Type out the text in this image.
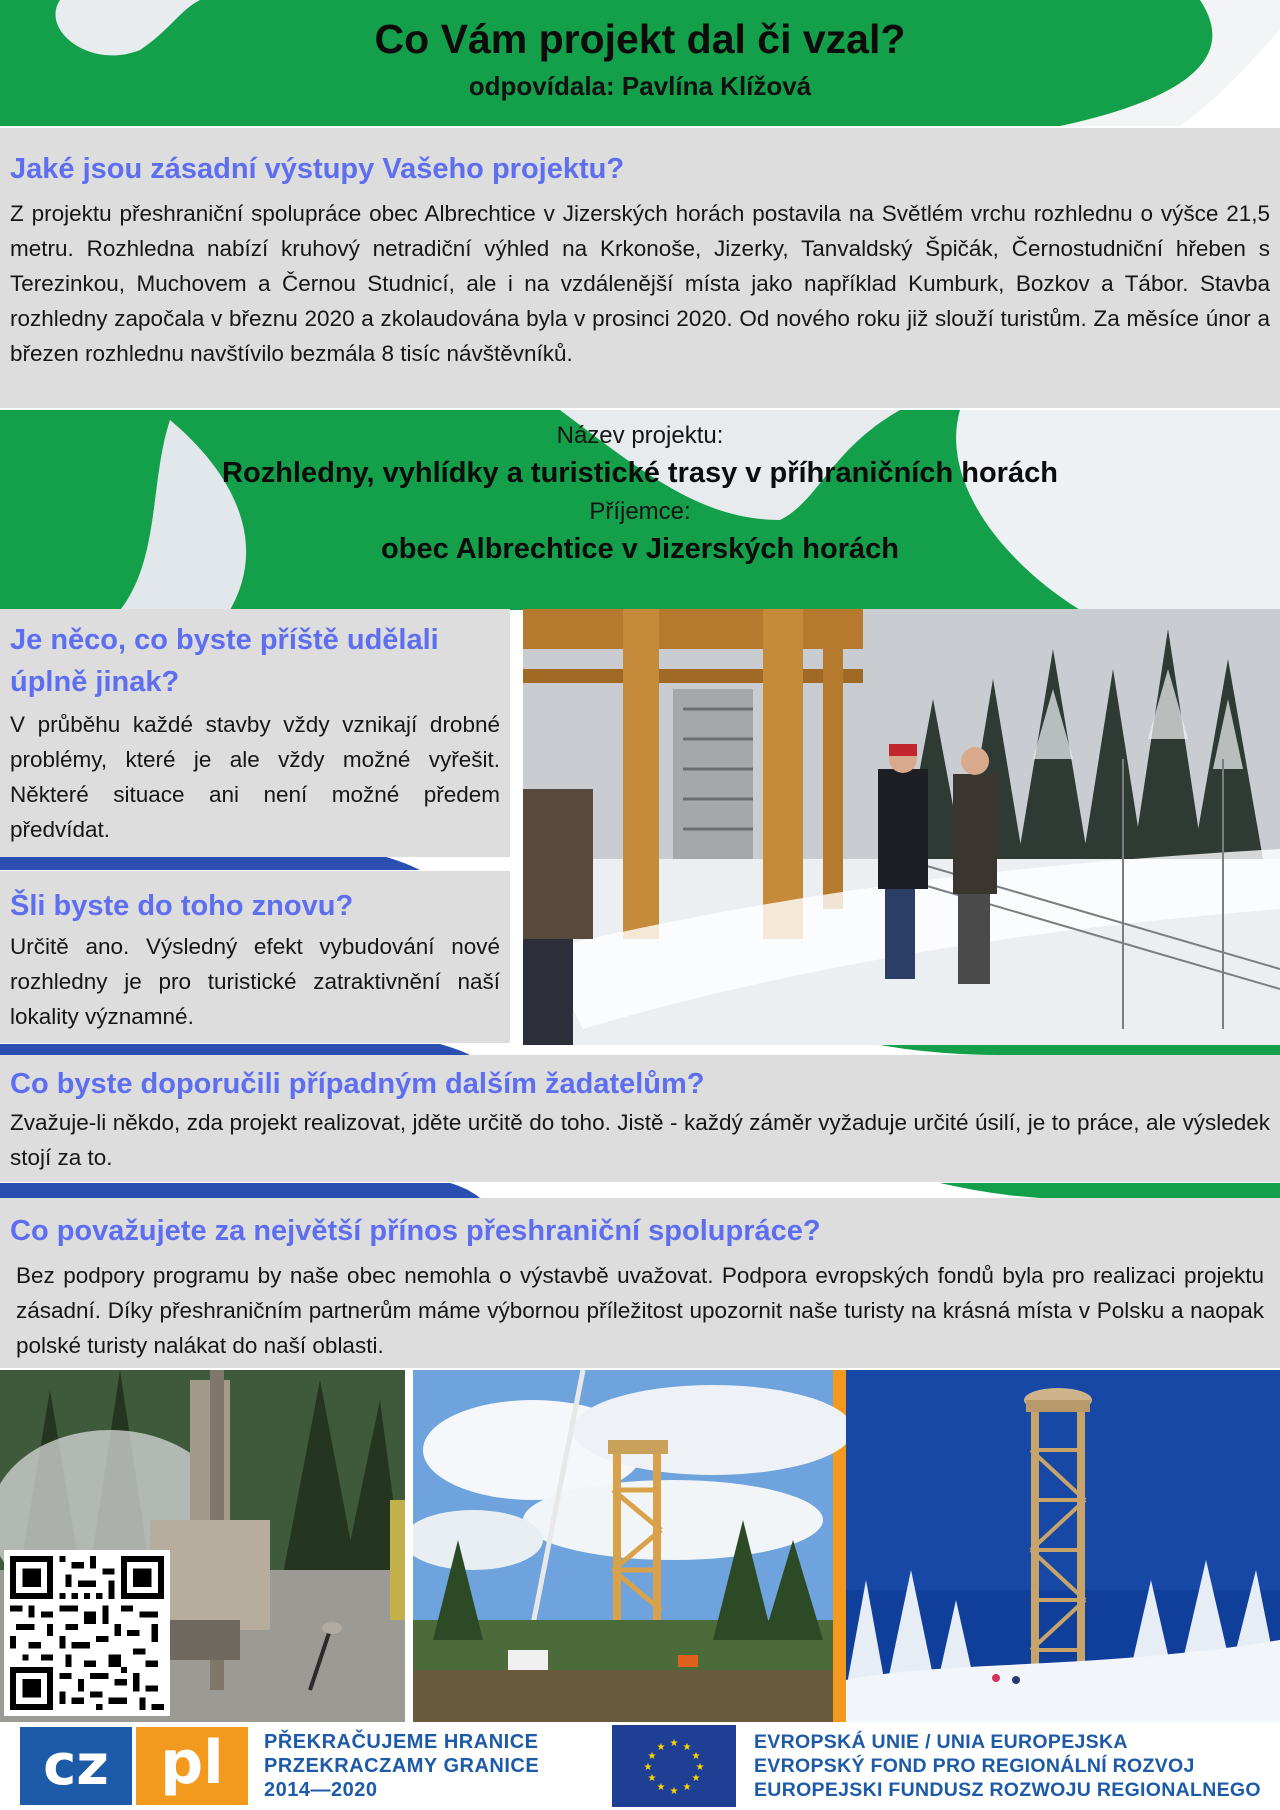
Co Vám projekt dal či vzal?
odpovídala: Pavlína Klížová
Jaké jsou zásadní výstupy Vašeho projektu?
Z projektu přeshraniční spolupráce obec Albrechtice v Jizerských horách postavila na Světlém vrchu rozhlednu o výšce 21,5 metru. Rozhledna nabízí kruhový netradiční výhled na Krkonoše, Jizerky, Tanvaldský Špičák, Černostudniční hřeben s Terezinkou, Muchovem a Černou Studnicí, ale i na vzdálenější místa jako například Kumburk, Bozkov a Tábor. Stavba rozhledny započala v březnu 2020 a zkolaudována byla v prosinci 2020. Od nového roku již slouží turistům. Za měsíce únor a březen rozhlednu navštívilo bezmála 8 tisíc návštěvníků.
Název projektu:
Rozhledny, vyhlídky a turistické trasy v příhraničních horách
Příjemce:
obec Albrechtice v Jizerských horách
Je něco, co byste příště udělali úplně jinak?
V průběhu každé stavby vždy vznikají drobné problémy, které je ale vždy možné vyřešit. Některé situace ani není možné předem předvídat.
Šli byste do toho znovu?
Určitě ano. Výsledný efekt vybudování nové rozhledny je pro turistické zatraktivnění naší lokality významné.
Co byste doporučili případným dalším žadatelům?
Zvažuje-li někdo, zda projekt realizovat, jděte určitě do toho. Jistě - každý záměr vyžaduje určité úsilí, je to práce, ale výsledek stojí za to.
Co považujete za největší přínos přeshraniční spolupráce?
Bez podpory programu by naše obec nemohla o výstavbě uvažovat. Podpora evropských fondů byla pro realizaci projektu zásadní. Díky přeshraničním partnerům máme výbornou příležitost upozornit naše turisty na krásná místa v Polsku a naopak polské turisty nalákat do naší oblasti.
cz pl	PŘEKRAČUJEME HRANICE
PRZEKRACZAMY GRANICE
2014—2020
★ ★
★
★
★
★
★
★
★
★
★
★	EVROPSKÁ UNIE / UNIA EUROPEJSKA
EVROPSKÝ FOND PRO REGIONÁLNÍ ROZVOJ
EUROPEJSKI FUNDUSZ ROZWOJU REGIONALNEGO
